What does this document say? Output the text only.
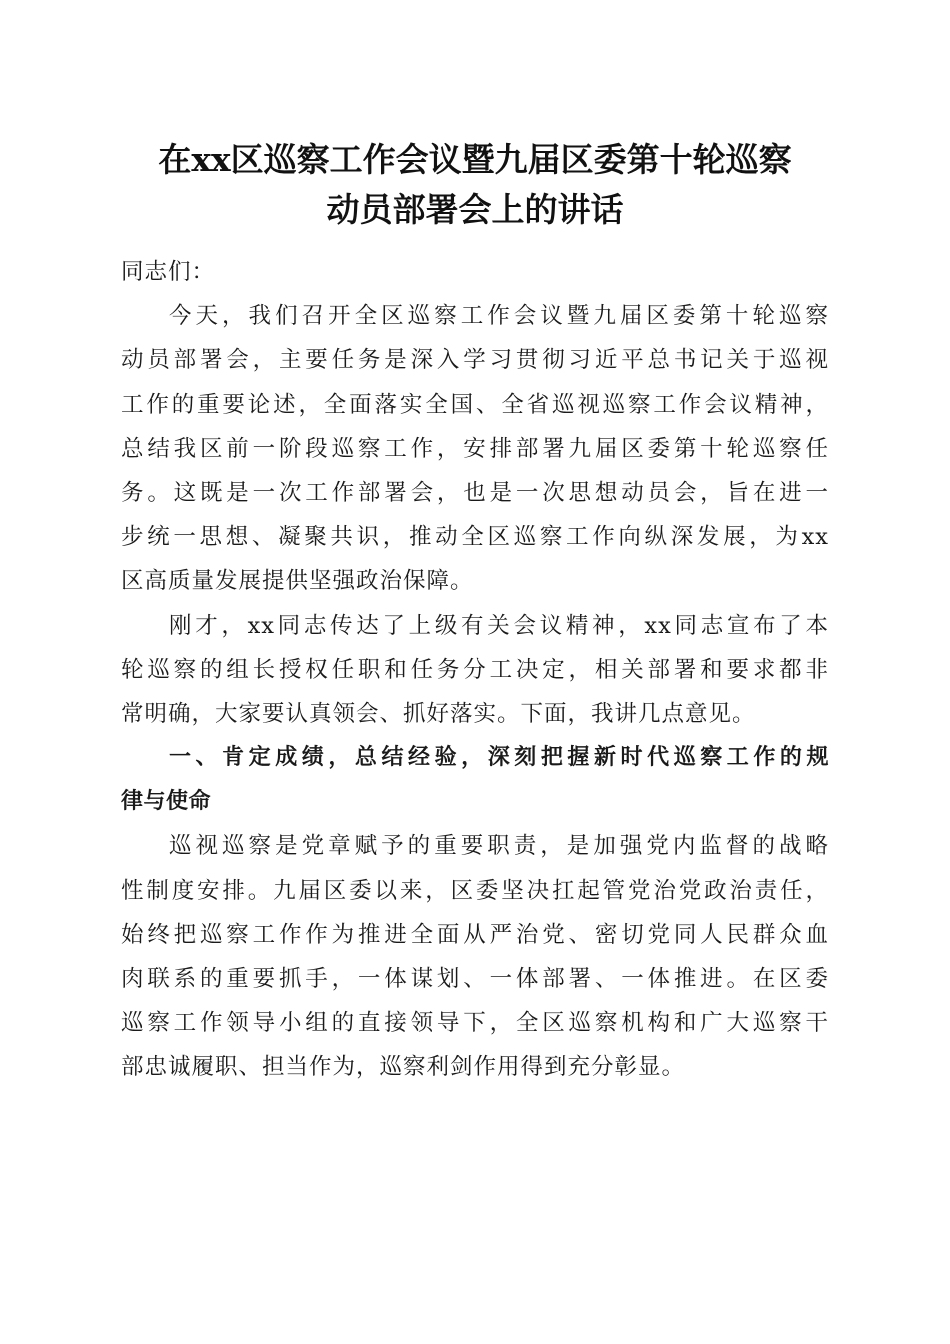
在xx区巡察工作会议暨九届区委第十轮巡察
动员部署会上的讲话
同志们：
今天，我们召开全区巡察工作会议暨九届区委第十轮巡察
动员部署会，主要任务是深入学习贯彻习近平总书记关于巡视
工作的重要论述，全面落实全国、全省巡视巡察工作会议精神，
总结我区前一阶段巡察工作，安排部署九届区委第十轮巡察任
务。这既是一次工作部署会，也是一次思想动员会，旨在进一
步统一思想、凝聚共识，推动全区巡察工作向纵深发展，为xx
区高质量发展提供坚强政治保障。
刚才，xx同志传达了上级有关会议精神，xx同志宣布了本
轮巡察的组长授权任职和任务分工决定，相关部署和要求都非
常明确，大家要认真领会、抓好落实。下面，我讲几点意见。
一、肯定成绩，总结经验，深刻把握新时代巡察工作的规
律与使命
巡视巡察是党章赋予的重要职责，是加强党内监督的战略
性制度安排。九届区委以来，区委坚决扛起管党治党政治责任，
始终把巡察工作作为推进全面从严治党、密切党同人民群众血
肉联系的重要抓手，一体谋划、一体部署、一体推进。在区委
巡察工作领导小组的直接领导下，全区巡察机构和广大巡察干
部忠诚履职、担当作为，巡察利剑作用得到充分彰显。
